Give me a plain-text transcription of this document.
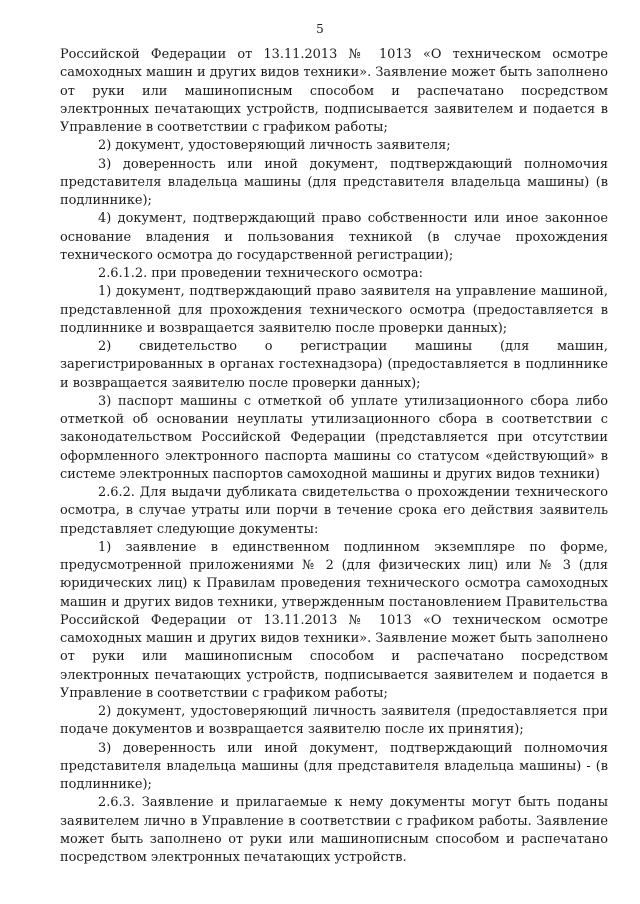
5

Российской Федерации от 13.11.2013 № 1013 «О техническом осмотре самоходных машин и других видов техники». Заявление может быть заполнено от руки или машинописным способом и распечатано посредством электронных печатающих устройств, подписывается заявителем и подается в Управление в соответствии с графиком работы;

2) документ, удостоверяющий личность заявителя;

3) доверенность или иной документ, подтверждающий полномочия представителя владельца машины (для представителя владельца машины) (в подлиннике);

4) документ, подтверждающий право собственности или иное законное основание владения и пользования техникой (в случае прохождения технического осмотра до государственной регистрации);

2.6.1.2. при проведении технического осмотра:

1) документ, подтверждающий право заявителя на управление машиной, представленной для прохождения технического осмотра (предоставляется в подлиннике и возвращается заявителю после проверки данных);

2) свидетельство о регистрации машины (для машин, зарегистрированных в органах гостехнадзора) (предоставляется в подлиннике и возвращается заявителю после проверки данных);

3) паспорт машины с отметкой об уплате утилизационного сбора либо отметкой об основании неуплаты утилизационного сбора в соответствии с законодательством Российской Федерации (представляется при отсутствии оформленного электронного паспорта машины со статусом «действующий» в системе электронных паспортов самоходной машины и других видов техники)

2.6.2. Для выдачи дубликата свидетельства о прохождении технического осмотра, в случае утраты или порчи в течение срока его действия заявитель представляет следующие документы:

1) заявление в единственном подлинном экземпляре по форме, предусмотренной приложениями № 2 (для физических лиц) или № 3 (для юридических лиц) к Правилам проведения технического осмотра самоходных машин и других видов техники, утвержденным постановлением Правительства Российской Федерации от 13.11.2013 № 1013 «О техническом осмотре самоходных машин и других видов техники». Заявление может быть заполнено от руки или машинописным способом и распечатано посредством электронных печатающих устройств, подписывается заявителем и подается в Управление в соответствии с графиком работы;

2) документ, удостоверяющий личность заявителя (предоставляется при подаче документов и возвращается заявителю после их принятия);

3) доверенность или иной документ, подтверждающий полномочия представителя владельца машины (для представителя владельца машины) - (в подлиннике);

2.6.3. Заявление и прилагаемые к нему документы могут быть поданы заявителем лично в Управление в соответствии с графиком работы. Заявление может быть заполнено от руки или машинописным способом и распечатано посредством электронных печатающих устройств.
